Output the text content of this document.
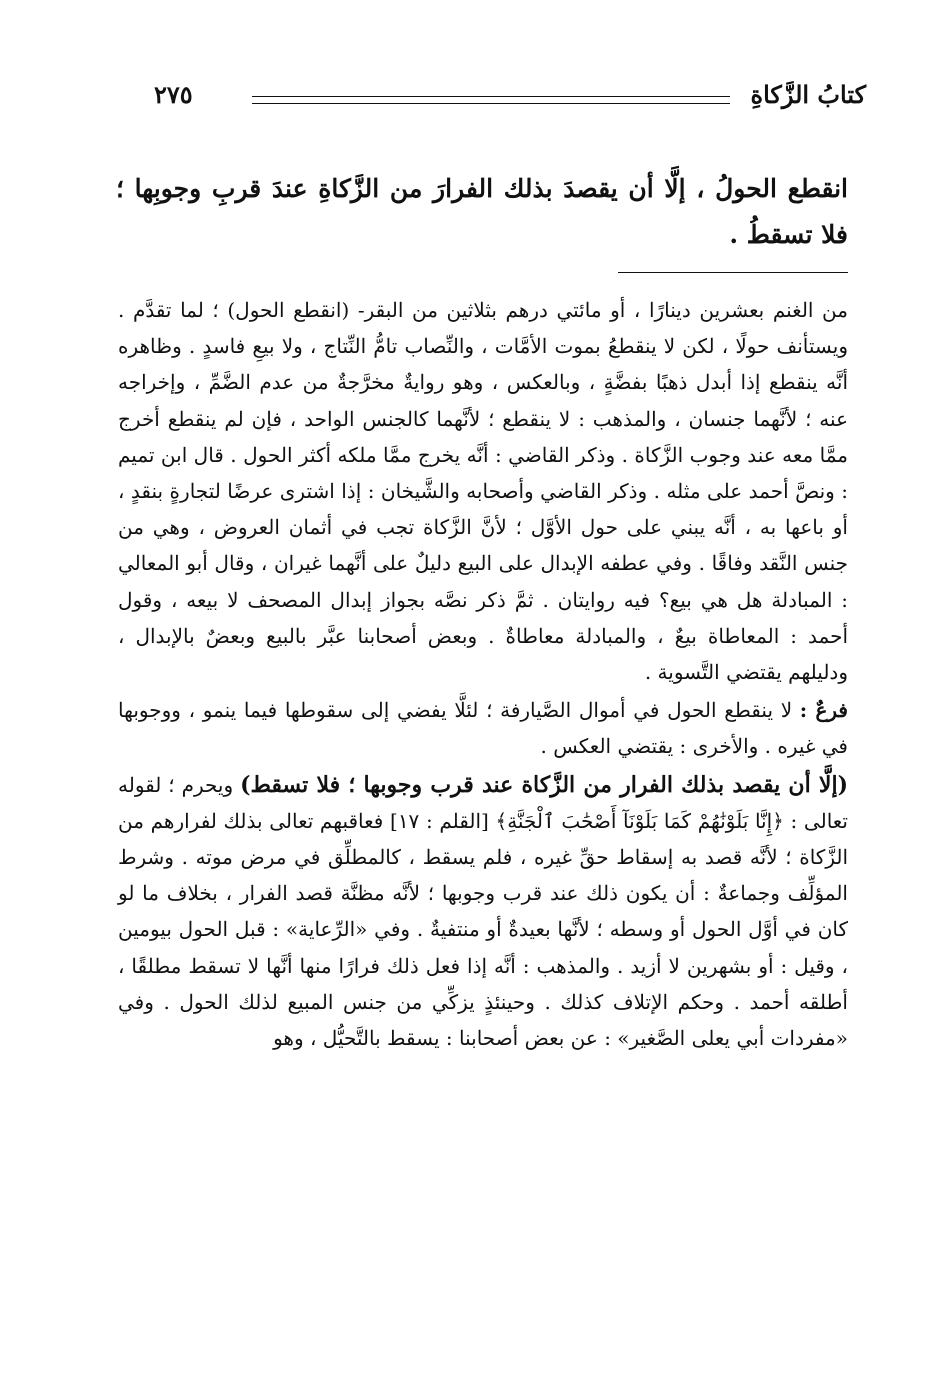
كتابُ الزَّكاةِ
٢٧٥
انقطع الحولُ ، إلَّا أن يقصدَ بذلك الفرارَ من الزَّكاةِ عندَ قربِ وجوبِها ؛ فلا تسقطُ .

من الغنم بعشرين دينارًا ، أو مائتي درهم بثلاثين من البقر- (انقطع الحول) ؛ لما تقدَّم . ويستأنف حولًا ، لكن لا ينقطعُ بموت الأمَّات ، والنِّصاب تامُّ النِّتاج ، ولا بيعِ فاسدٍ . وظاهره أنَّه ينقطع إذا أبدل ذهبًا بفضَّةٍ ، وبالعكس ، وهو روايةٌ مخرَّجةٌ من عدم الضَّمِّ ، وإخراجه عنه ؛ لأنَّهما جنسان ، والمذهب : لا ينقطع ؛ لأنَّهما كالجنس الواحد ، فإن لم ينقطع أخرج ممَّا معه عند وجوب الزَّكاة . وذكر القاضي : أنَّه يخرج ممَّا ملكه أكثر الحول . قال ابن تميم : ونصَّ أحمد على مثله . وذكر القاضي وأصحابه والشَّيخان : إذا اشترى عرضًا لتجارةٍ بنقدٍ ، أو باعها به ، أنَّه يبني على حول الأوَّل ؛ لأنَّ الزَّكاة تجب في أثمان العروض ، وهي من جنس النَّقد وفاقًا . وفي عطفه الإبدال على البيع دليلٌ على أنَّهما غيران ، وقال أبو المعالي : المبادلة هل هي بيع؟ فيه روايتان . ثمَّ ذكر نصَّه بجواز إبدال المصحف لا بيعه ، وقول أحمد : المعاطاة بيعٌ ، والمبادلة معاطاةٌ . وبعض أصحابنا عبَّر بالبيع وبعضٌ بالإبدال ، ودليلهم يقتضي التَّسوية .

فرعٌ : لا ينقطع الحول في أموال الصَّيارفة ؛ لئلَّا يفضي إلى سقوطها فيما ينمو ، ووجوبها في غيره . والأخرى : يقتضي العكس .

(إلَّا أن يقصد بذلك الفرار من الزَّكاة عند قرب وجوبها ؛ فلا تسقط) ويحرم ؛ لقوله تعالى : ﴿إِنَّا بَلَوْنَٰهُمْ كَمَا بَلَوْنَآ أَصْحَٰبَ ٱلْجَنَّةِ﴾ [القلم : ١٧] فعاقبهم تعالى بذلك لفرارهم من الزَّكاة ؛ لأنَّه قصد به إسقاط حقِّ غيره ، فلم يسقط ، كالمطلِّق في مرض موته . وشرط المؤلِّف وجماعةٌ : أن يكون ذلك عند قرب وجوبها ؛ لأنَّه مظنَّة قصد الفرار ، بخلاف ما لو كان في أوَّل الحول أو وسطه ؛ لأنَّها بعيدةٌ أو منتفيةٌ . وفي «الرِّعاية» : قبل الحول بيومين ، وقيل : أو بشهرين لا أزيد . والمذهب : أنَّه إذا فعل ذلك فرارًا منها أنَّها لا تسقط مطلقًا ، أطلقه أحمد . وحكم الإتلاف كذلك . وحينئذٍ يزكِّي من جنس المبيع لذلك الحول . وفي «مفردات أبي يعلى الصَّغير» : عن بعض أصحابنا : يسقط بالتَّحيُّل ، وهو
